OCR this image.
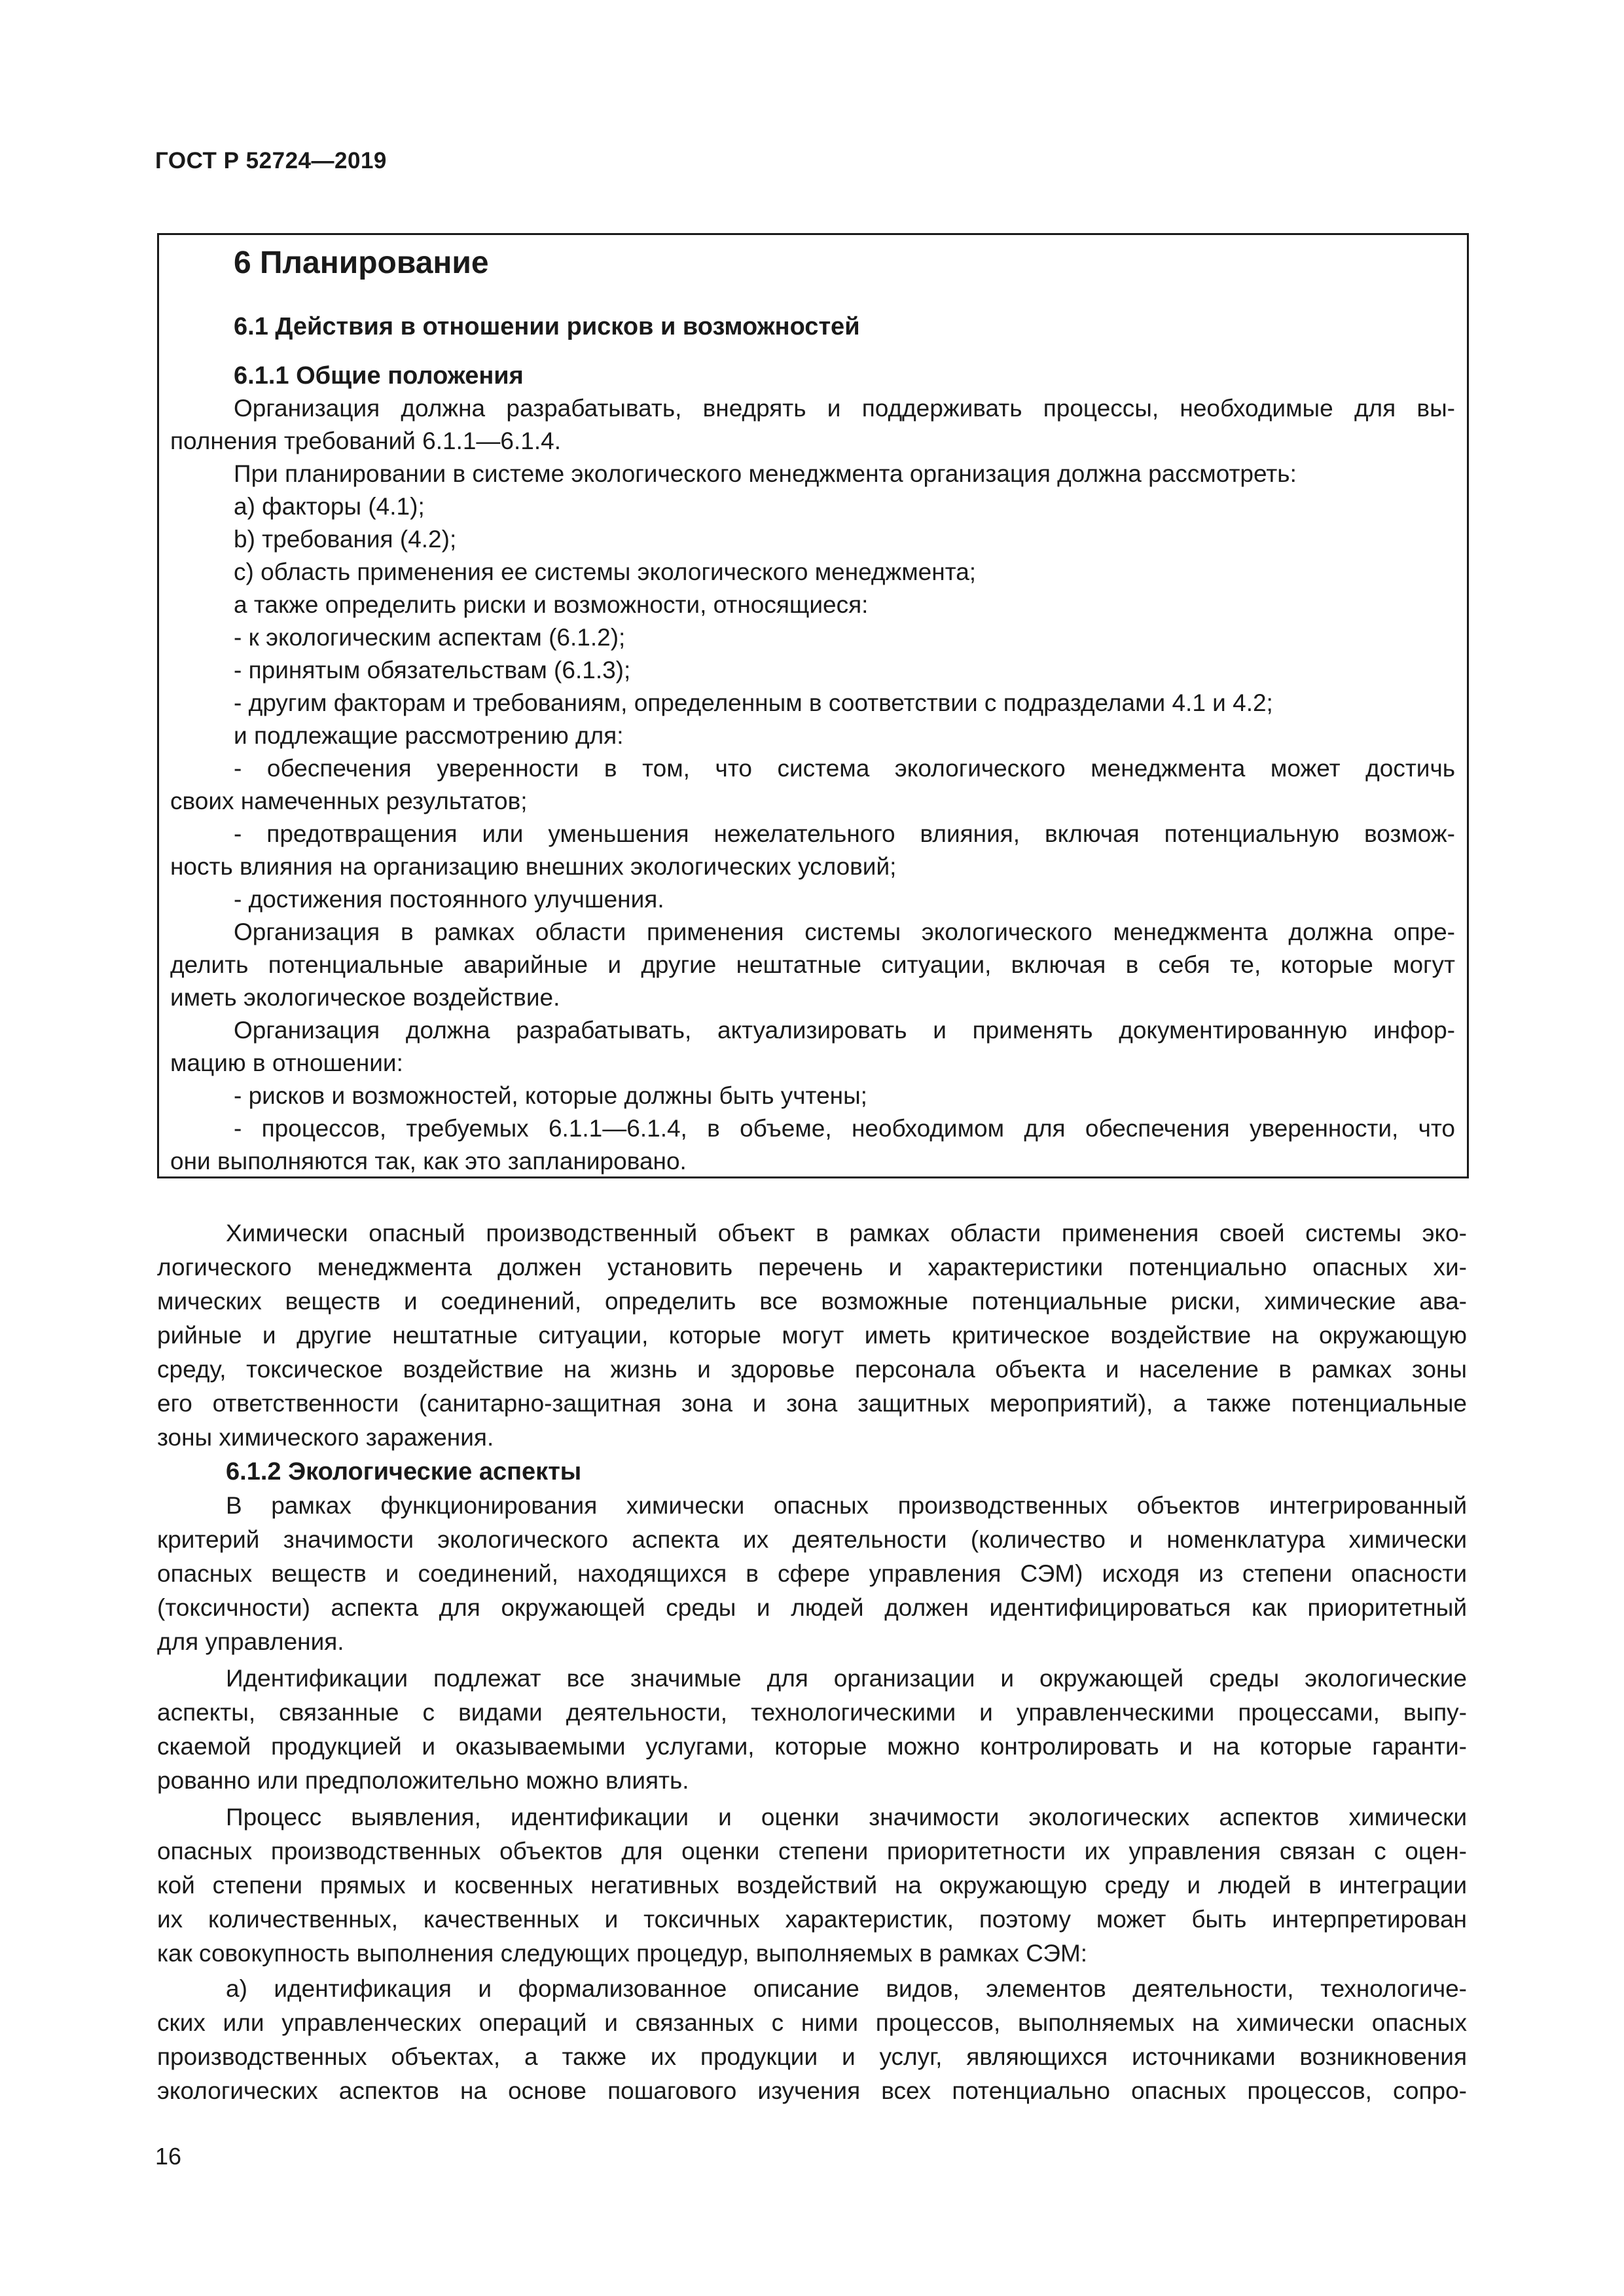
ГОСТ Р 52724—2019
6 Планирование
6.1 Действия в отношении рисков и возможностей
6.1.1 Общие положения
Организация должна разрабатывать, внедрять и поддерживать процессы, необходимые для вы-
полнения требований 6.1.1—6.1.4.
При планировании в системе экологического менеджмента организация должна рассмотреть:
а) факторы (4.1);
b) требования (4.2);
с) область применения ее системы экологического менеджмента;
а также определить риски и возможности, относящиеся:
- к экологическим аспектам (6.1.2);
- принятым обязательствам (6.1.3);
- другим факторам и требованиям, определенным в соответствии с подразделами 4.1 и 4.2;
и подлежащие рассмотрению для:
- обеспечения уверенности в том, что система экологического менеджмента может достичь
своих намеченных результатов;
- предотвращения или уменьшения нежелательного влияния, включая потенциальную возмож-
ность влияния на организацию внешних экологических условий;
- достижения постоянного улучшения.
Организация в рамках области применения системы экологического менеджмента должна опре-
делить потенциальные аварийные и другие нештатные ситуации, включая в себя те, которые могут
иметь экологическое воздействие.
Организация должна разрабатывать, актуализировать и применять документированную инфор-
мацию в отношении:
- рисков и возможностей, которые должны быть учтены;
- процессов, требуемых 6.1.1—6.1.4, в объеме, необходимом для обеспечения уверенности, что
они выполняются так, как это запланировано.
Химически опасный производственный объект в рамках области применения своей системы эко-
логического менеджмента должен установить перечень и характеристики потенциально опасных хи-
мических веществ и соединений, определить все возможные потенциальные риски, химические ава-
рийные и другие нештатные ситуации, которые могут иметь критическое воздействие на окружающую
среду, токсическое воздействие на жизнь и здоровье персонала объекта и население в рамках зоны
его ответственности (санитарно-защитная зона и зона защитных мероприятий), а также потенциальные
зоны химического заражения.
6.1.2 Экологические аспекты
В рамках функционирования химически опасных производственных объектов интегрированный
критерий значимости экологического аспекта их деятельности (количество и номенклатура химически
опасных веществ и соединений, находящихся в сфере управления СЭМ) исходя из степени опасности
(токсичности) аспекта для окружающей среды и людей должен идентифицироваться как приоритетный
для управления.
Идентификации подлежат все значимые для организации и окружающей среды экологические
аспекты, связанные с видами деятельности, технологическими и управленческими процессами, выпу-
скаемой продукцией и оказываемыми услугами, которые можно контролировать и на которые гаранти-
рованно или предположительно можно влиять.
Процесс выявления, идентификации и оценки значимости экологических аспектов химически
опасных производственных объектов для оценки степени приоритетности их управления связан с оцен-
кой степени прямых и косвенных негативных воздействий на окружающую среду и людей в интеграции
их количественных, качественных и токсичных характеристик, поэтому может быть интерпретирован
как совокупность выполнения следующих процедур, выполняемых в рамках СЭМ:
а) идентификация и формализованное описание видов, элементов деятельности, технологиче-
ских или управленческих операций и связанных с ними процессов, выполняемых на химически опасных
производственных объектах, а также их продукции и услуг, являющихся источниками возникновения
экологических аспектов на основе пошагового изучения всех потенциально опасных процессов, сопро-
16
